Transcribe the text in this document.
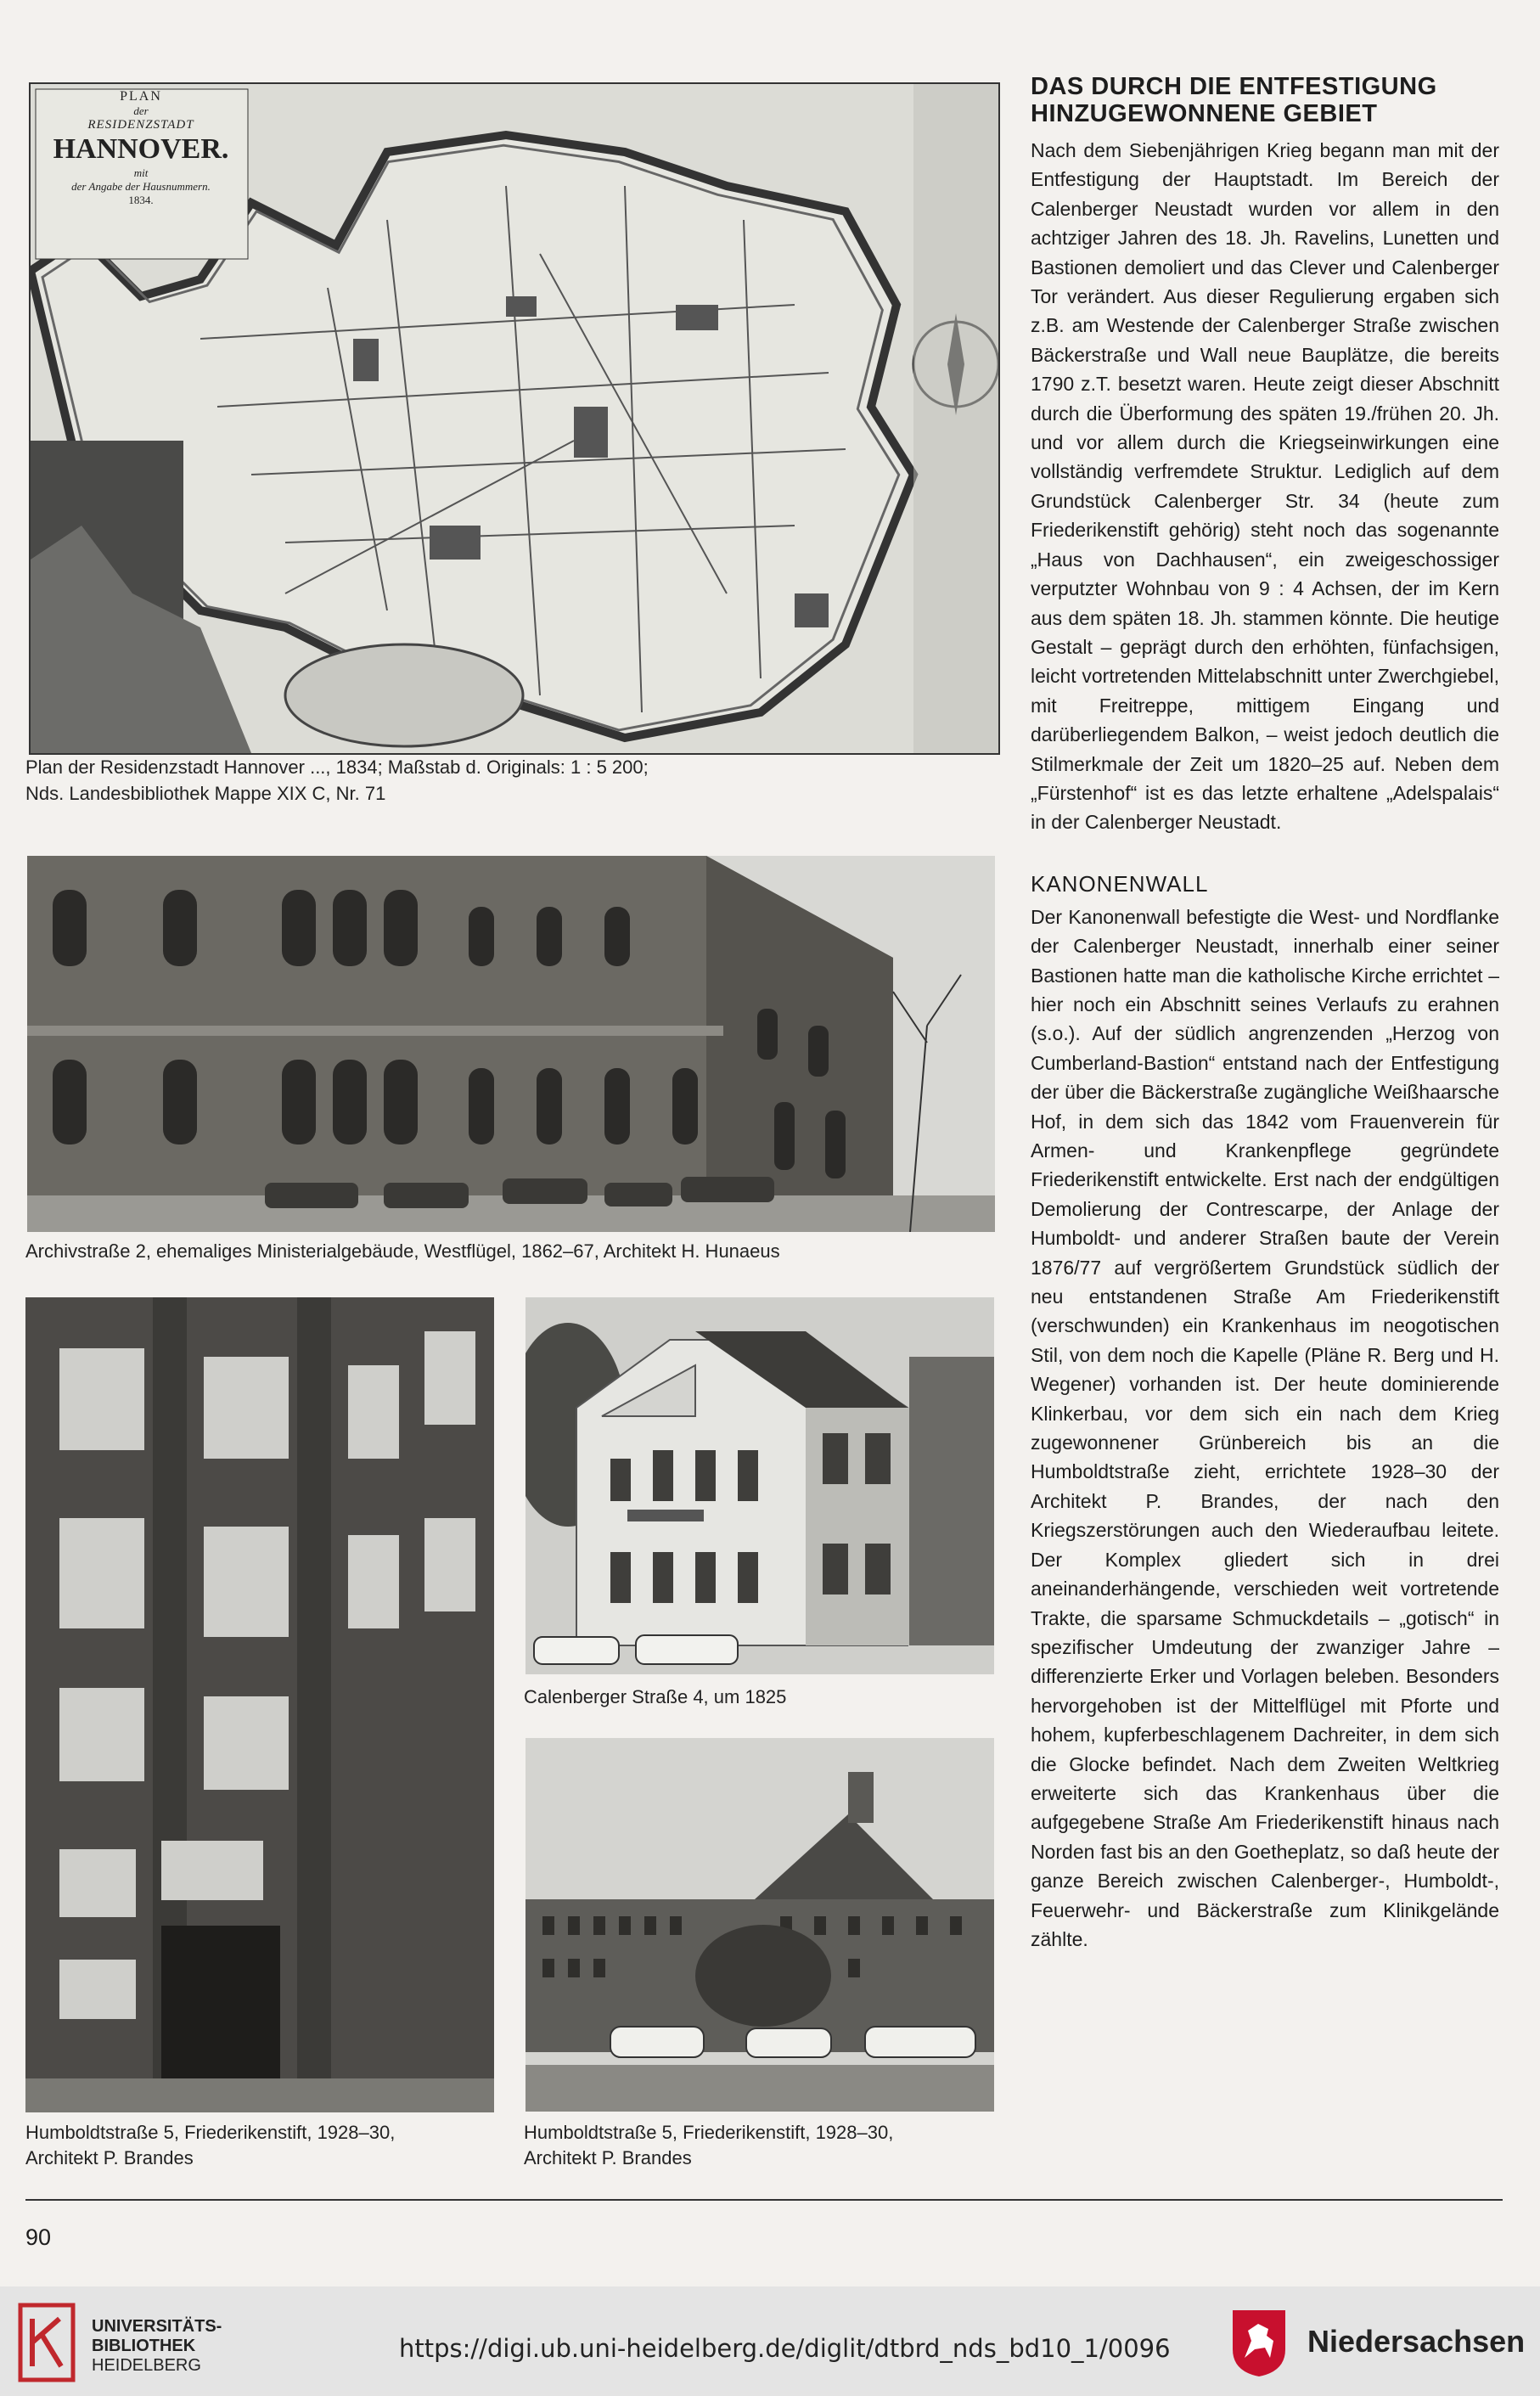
PLAN
der
RESIDENZSTADT
HANNOVER.
mit
der Angabe der Hausnummern.
1834.
Plan der Residenzstadt Hannover ..., 1834; Maßstab d. Originals: 1 : 5 200;
Nds. Landesbibliothek Mappe XIX C, Nr. 71
Archivstraße 2, ehemaliges Ministerialgebäude, Westflügel, 1862–67, Architekt H. Hunaeus
Humboldtstraße 5, Friederikenstift, 1928–30,
Architekt P. Brandes
Calenberger Straße 4, um 1825
Humboldtstraße 5, Friederikenstift, 1928–30,
Architekt P. Brandes
DAS DURCH DIE ENTFESTIGUNG
HINZUGEWONNENE GEBIET
Nach dem Siebenjährigen Krieg begann man mit der Entfestigung der Hauptstadt. Im Bereich der Calenberger Neustadt wurden vor allem in den achtziger Jahren des 18. Jh. Ravelins, Lunetten und Bastionen demoliert und das Clever und Calenberger Tor verändert. Aus dieser Regulierung ergaben sich z.B. am Westende der Calenberger Straße zwischen Bäckerstraße und Wall neue Bauplätze, die bereits 1790 z.T. besetzt waren. Heute zeigt dieser Abschnitt durch die Überformung des späten 19./frühen 20. Jh. und vor allem durch die Kriegseinwirkungen eine vollständig verfremdete Struktur. Lediglich auf dem Grundstück Calenberger Str. 34 (heute zum Friederikenstift gehörig) steht noch das sogenannte „Haus von Dachhausen“, ein zweigeschossiger verputzter Wohnbau von 9 : 4 Achsen, der im Kern aus dem späten 18. Jh. stammen könnte. Die heutige Gestalt – geprägt durch den erhöhten, fünfachsigen, leicht vortretenden Mittelabschnitt unter Zwerchgiebel, mit Freitreppe, mittigem Eingang und darüberliegendem Balkon, – weist jedoch deutlich die Stilmerkmale der Zeit um 1820–25 auf. Neben dem „Fürstenhof“ ist es das letzte erhaltene „Adelspalais“ in der Calenberger Neustadt.
KANONENWALL
Der Kanonenwall befestigte die West- und Nordflanke der Calenberger Neustadt, innerhalb einer seiner Bastionen hatte man die katholische Kirche errichtet – hier noch ein Abschnitt seines Verlaufs zu erahnen (s.o.). Auf der südlich angrenzenden „Herzog von Cumberland-Bastion“ entstand nach der Entfestigung der über die Bäckerstraße zugängliche Weißhaarsche Hof, in dem sich das 1842 vom Frauenverein für Armen- und Krankenpflege gegründete Friederikenstift entwickelte. Erst nach der endgültigen Demolierung der Contrescarpe, der Anlage der Humboldt- und anderer Straßen baute der Verein 1876/77 auf vergrößertem Grundstück südlich der neu entstandenen Straße Am Friederikenstift (verschwunden) ein Krankenhaus im neogotischen Stil, von dem noch die Kapelle (Pläne R. Berg und H. Wegener) vorhanden ist. Der heute dominierende Klinkerbau, vor dem sich ein nach dem Krieg zugewonnener Grünbereich bis an die Humboldtstraße zieht, errichtete 1928–30 der Architekt P. Brandes, der nach den Kriegszerstörungen auch den Wiederaufbau leitete. Der Komplex gliedert sich in drei aneinanderhängende, verschieden weit vortretende Trakte, die sparsame Schmuckdetails – „gotisch“ in spezifischer Umdeutung der zwanziger Jahre – differenzierte Erker und Vorlagen beleben. Besonders hervorgehoben ist der Mittelflügel mit Pforte und hohem, kupferbeschlagenem Dachreiter, in dem sich die Glocke befindet. Nach dem Zweiten Weltkrieg erweiterte sich das Krankenhaus über die aufgegebene Straße Am Friederikenstift hinaus nach Norden fast bis an den Goetheplatz, so daß heute der ganze Bereich zwischen Calenberger-, Humboldt-, Feuerwehr- und Bäckerstraße zum Klinikgelände zählte.
90
UNIVERSITÄTS-
BIBLIOTHEK
HEIDELBERG
https://digi.ub.uni-heidelberg.de/diglit/dtbrd_nds_bd10_1/0096	Niedersachsen
